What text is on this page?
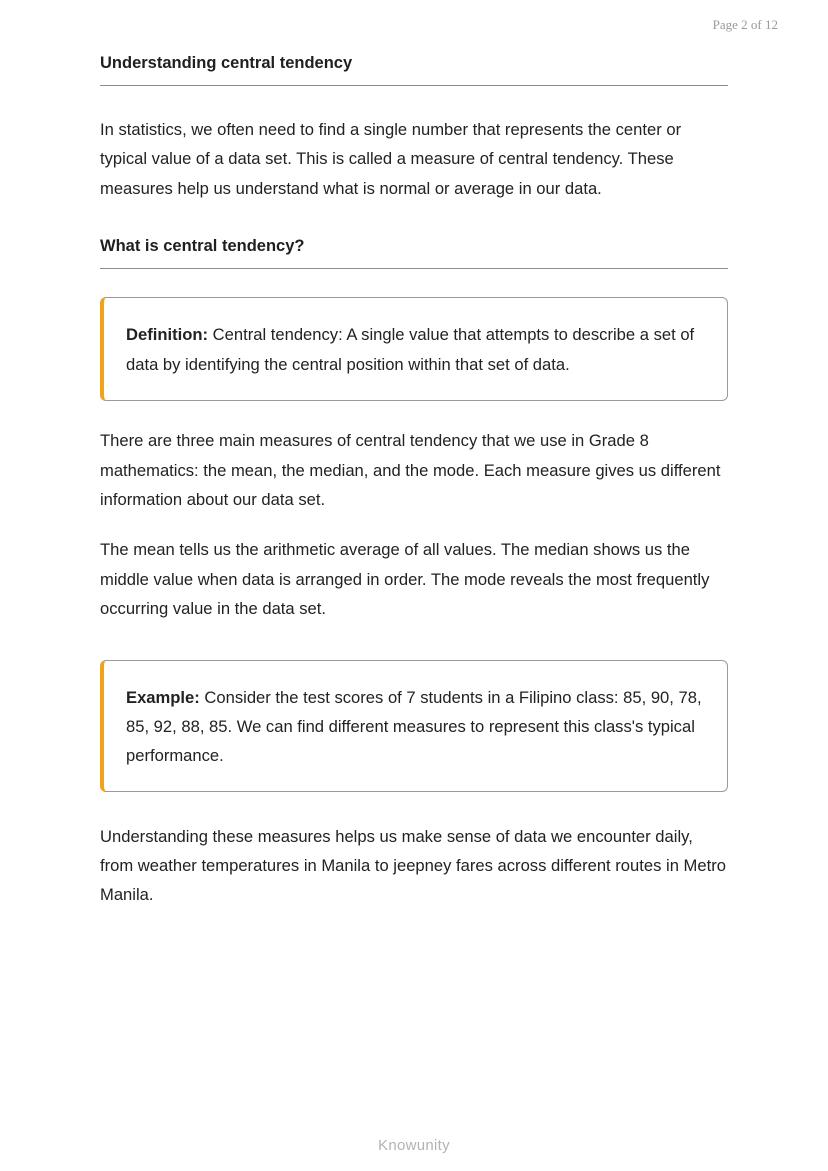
Page 2 of 12
Understanding central tendency

In statistics, we often need to find a single number that represents the center or typical value of a data set. This is called a measure of central tendency. These measures help us understand what is normal or average in our data.

What is central tendency?
Definition: Central tendency: A single value that attempts to describe a set of data by identifying the central position within that set of data.

There are three main measures of central tendency that we use in Grade 8 mathematics: the mean, the median, and the mode. Each measure gives us different information about our data set.

The mean tells us the arithmetic average of all values. The median shows us the middle value when data is arranged in order. The mode reveals the most frequently occurring value in the data set.

Example: Consider the test scores of 7 students in a Filipino class: 85, 90, 78, 85, 92, 88, 85. We can find different measures to represent this class's typical performance.

Understanding these measures helps us make sense of data we encounter daily, from weather temperatures in Manila to jeepney fares across different routes in Metro Manila.

Knowunity
